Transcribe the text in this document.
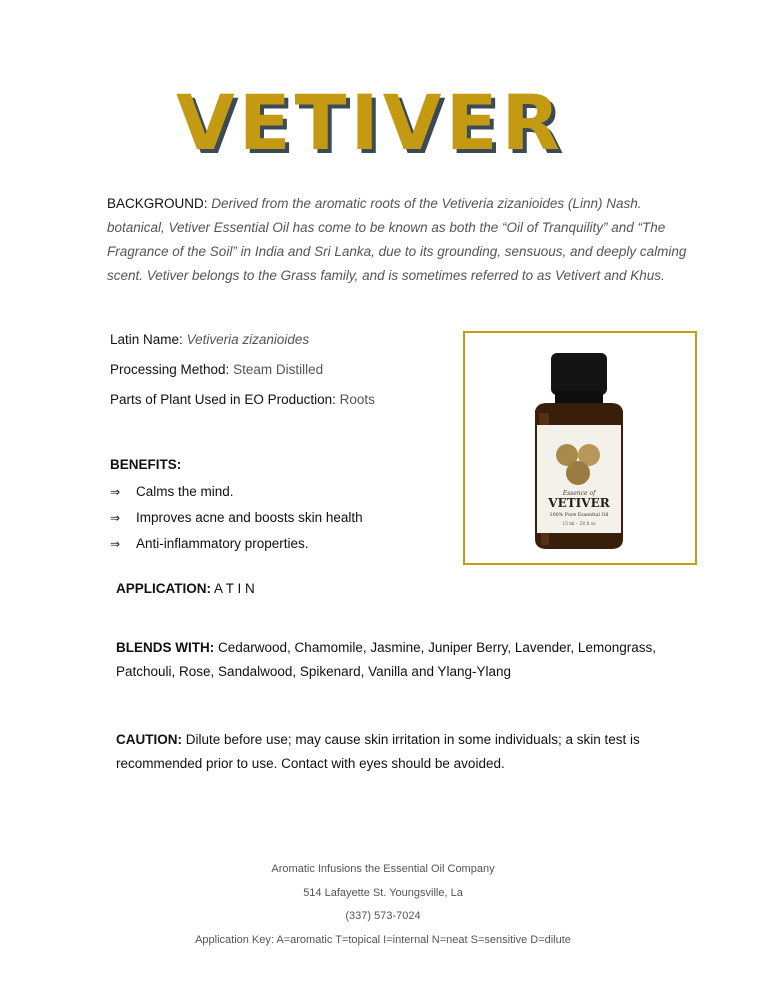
VETIVER
BACKGROUND: Derived from the aromatic roots of the Vetiveria zizanioides (Linn) Nash. botanical, Vetiver Essential Oil has come to be known as both the “Oil of Tranquility” and “The Fragrance of the Soil” in India and Sri Lanka, due to its grounding, sensuous, and deeply calming scent. Vetiver belongs to the Grass family, and is sometimes referred to as Vetivert and Khus.
Latin Name: Vetiveria zizanioides
Processing Method: Steam Distilled
Parts of Plant Used in EO Production: Roots
BENEFITS:
⇒	Calms the mind.
⇒	Improves acne and boosts skin health
⇒	Anti-inflammatory properties.
Essence of
VETIVER
100% Pure Essential Oil
15 ml - .50 fl oz
APPLICATION: A T I N
BLENDS WITH: Cedarwood, Chamomile, Jasmine, Juniper Berry, Lavender, Lemongrass, Patchouli, Rose, Sandalwood, Spikenard, Vanilla and Ylang-Ylang
CAUTION: Dilute before use; may cause skin irritation in some individuals; a skin test is recommended prior to use. Contact with eyes should be avoided.
Aromatic Infusions the Essential Oil Company
514 Lafayette St. Youngsville, La
(337) 573-7024
Application Key: A=aromatic T=topical I=internal N=neat S=sensitive D=dilute
